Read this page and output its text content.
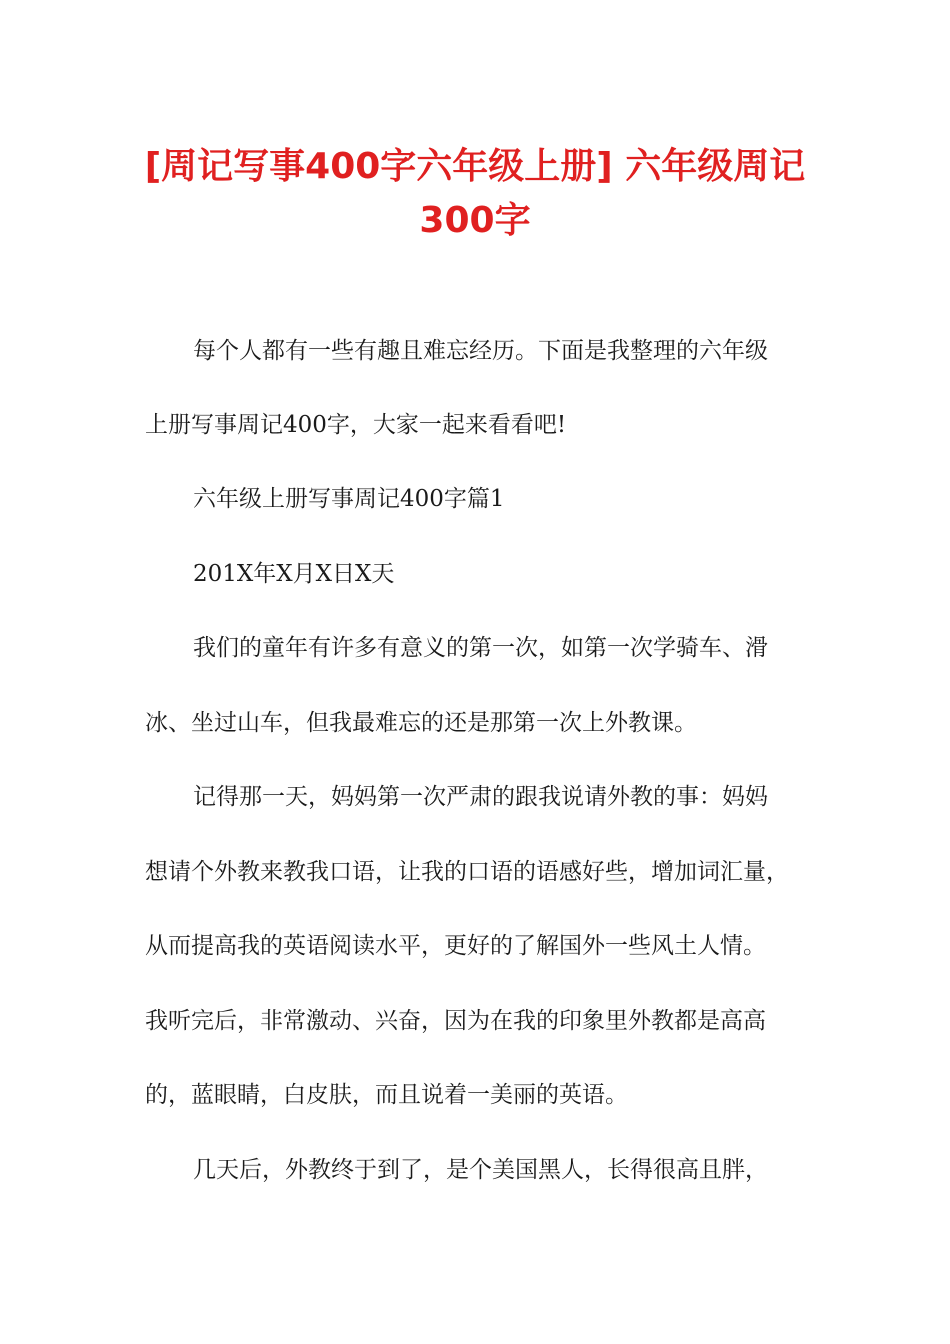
[周记写事400字六年级上册] 六年级周记
300字
每个人都有一些有趣且难忘经历。下面是我整理的六年级
上册写事周记400字，大家一起来看看吧!
六年级上册写事周记400字篇1
201X年X月X日X天
我们的童年有许多有意义的第一次，如第一次学骑车、滑
冰、坐过山车，但我最难忘的还是那第一次上外教课。
记得那一天，妈妈第一次严肃的跟我说请外教的事：妈妈
想请个外教来教我口语，让我的口语的语感好些，增加词汇量，
从而提高我的英语阅读水平，更好的了解国外一些风土人情。
我听完后，非常激动、兴奋，因为在我的印象里外教都是高高
的，蓝眼睛，白皮肤，而且说着一美丽的英语。
几天后，外教终于到了，是个美国黑人，长得很高且胖，
